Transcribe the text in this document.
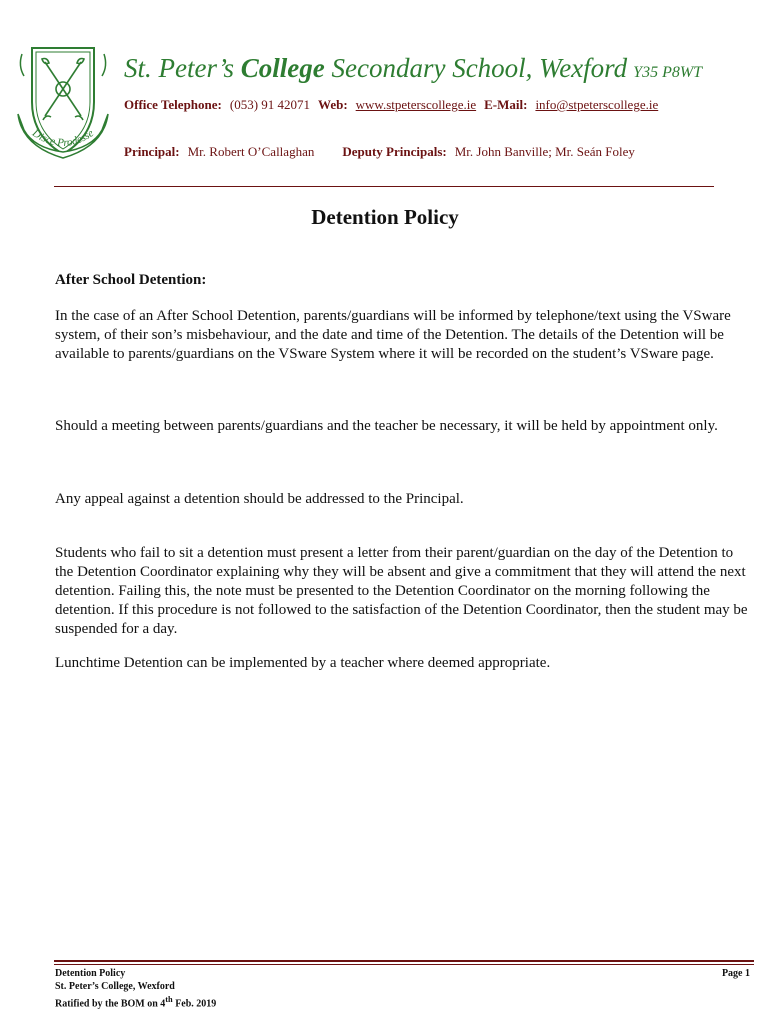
Disce Prodesse
St. Peter’s College Secondary School, Wexford Y35 P8WT
Office Telephone: (053) 91 42071 Web: www.stpeterscollege.ie E-Mail: info@stpeterscollege.ie
Principal: Mr. Robert O’Callaghan Deputy Principals: Mr. John Banville; Mr. Seán Foley
Detention Policy
After School Detention:

In the case of an After School Detention, parents/guardians will be informed by telephone/text using the VSware system, of their son’s misbehaviour, and the date and time of the Detention. The details of the Detention will be available to parents/guardians on the VSware System where it will be recorded on the student’s VSware page.

Should a meeting between parents/guardians and the teacher be necessary, it will be held by appointment only.

Any appeal against a detention should be addressed to the Principal.

Students who fail to sit a detention must present a letter from their parent/guardian on the day of the Detention to the Detention Coordinator explaining why they will be absent and give a commitment that they will attend the next detention. Failing this, the note must be presented to the Detention Coordinator on the morning following the detention. If this procedure is not followed to the satisfaction of the Detention Coordinator, then the student may be suspended for a day.

Lunchtime Detention can be implemented by a teacher where deemed appropriate.

Detention Policy
St. Peter’s College, Wexford
Ratified by the BOM on 4th Feb. 2019
Page 1
